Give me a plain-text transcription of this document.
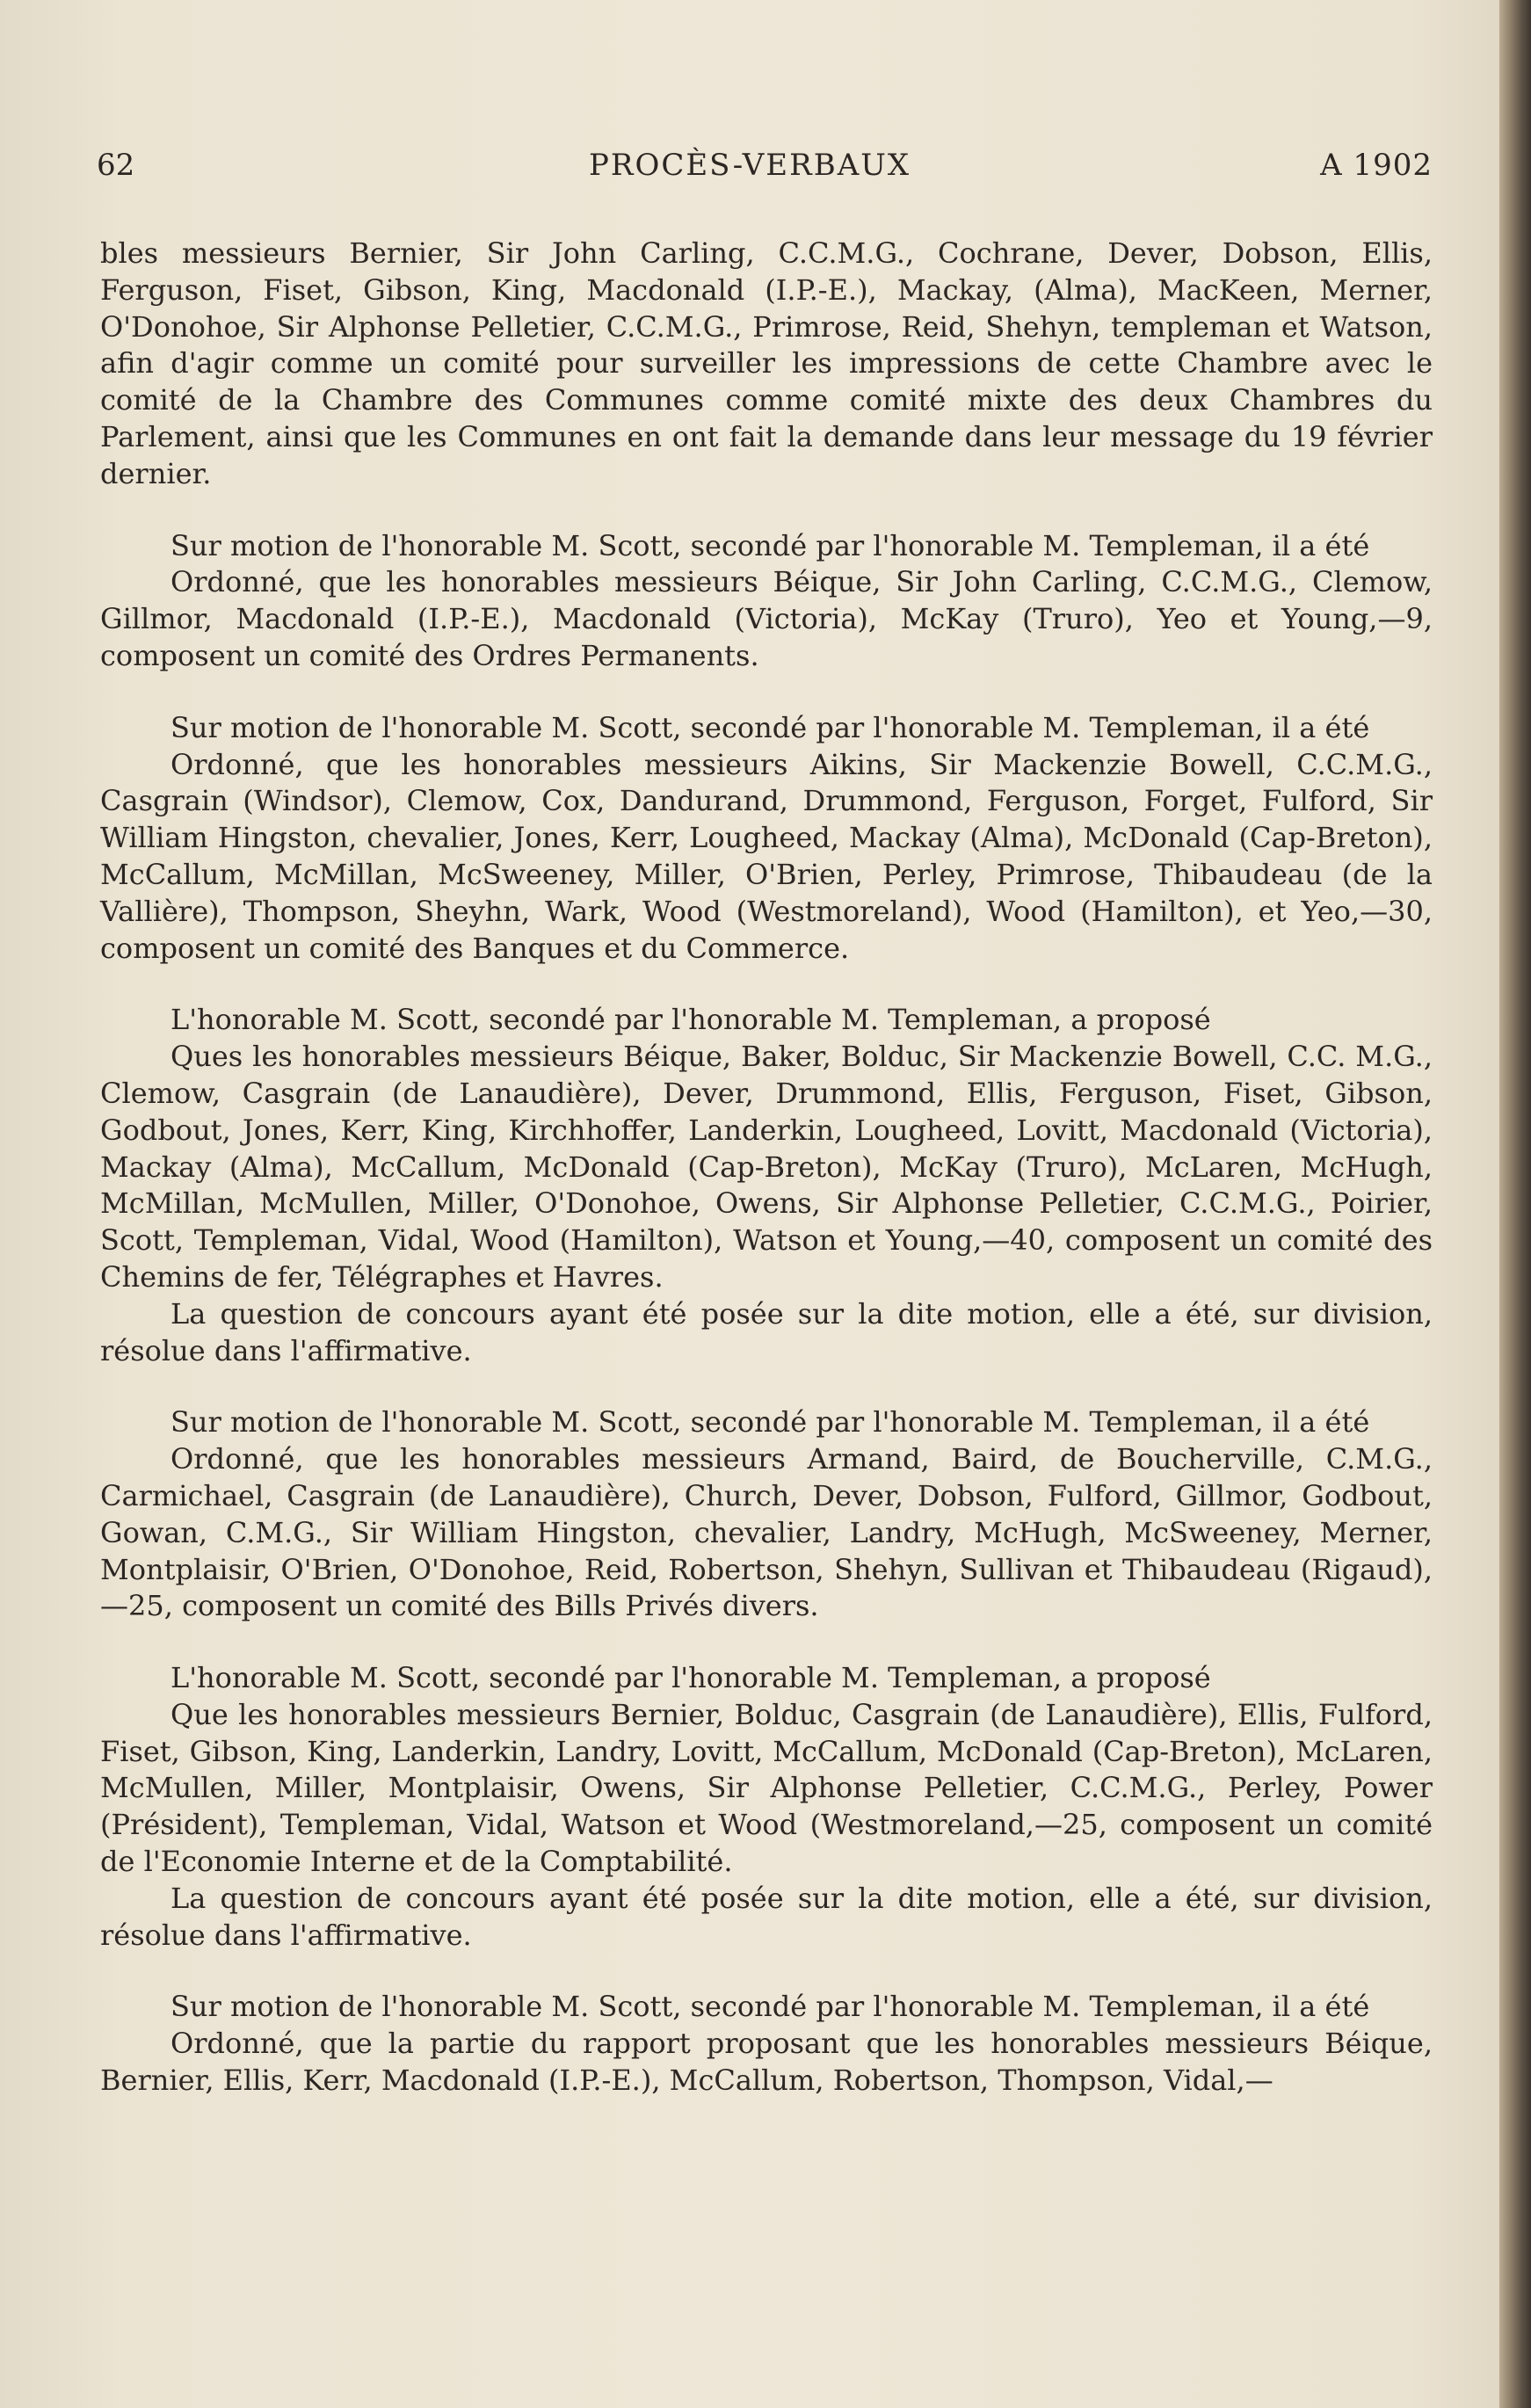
62	PROCÈS-VERBAUX	A 1902

bles messieurs Bernier, Sir John Carling, C.C.M.G., Cochrane, Dever, Dobson, Ellis, Ferguson, Fiset, Gibson, King, Macdonald (I.P.-E.), Mackay, (Alma), MacKeen, Merner, O'Donohoe, Sir Alphonse Pelletier, C.C.M.G., Primrose, Reid, Shehyn, templeman et Watson, afin d'agir comme un comité pour surveiller les impressions de cette Chambre avec le comité de la Chambre des Communes comme comité mixte des deux Chambres du Parlement, ainsi que les Communes en ont fait la demande dans leur message du 19 février dernier.

Sur motion de l'honorable M. Scott, secondé par l'honorable M. Templeman, il a été

Ordonné, que les honorables messieurs Béique, Sir John Carling, C.C.M.G., Clemow, Gillmor, Macdonald (I.P.-E.), Macdonald (Victoria), McKay (Truro), Yeo et Young,—9, composent un comité des Ordres Permanents.

Sur motion de l'honorable M. Scott, secondé par l'honorable M. Templeman, il a été

Ordonné, que les honorables messieurs Aikins, Sir Mackenzie Bowell, C.C.M.G., Casgrain (Windsor), Clemow, Cox, Dandurand, Drummond, Ferguson, Forget, Fulford, Sir William Hingston, chevalier, Jones, Kerr, Lougheed, Mackay (Alma), McDonald (Cap-Breton), McCallum, McMillan, McSweeney, Miller, O'Brien, Perley, Primrose, Thibaudeau (de la Vallière), Thompson, Sheyhn, Wark, Wood (Westmoreland), Wood (Hamilton), et Yeo,—30, composent un comité des Banques et du Commerce.

L'honorable M. Scott, secondé par l'honorable M. Templeman, a proposé

Ques les honorables messieurs Béique, Baker, Bolduc, Sir Mackenzie Bowell, C.C. M.G., Clemow, Casgrain (de Lanaudière), Dever, Drummond, Ellis, Ferguson, Fiset, Gibson, Godbout, Jones, Kerr, King, Kirchhoffer, Landerkin, Lougheed, Lovitt, Macdonald (Victoria), Mackay (Alma), McCallum, McDonald (Cap-Breton), McKay (Truro), McLaren, McHugh, McMillan, McMullen, Miller, O'Donohoe, Owens, Sir Alphonse Pelletier, C.C.M.G., Poirier, Scott, Templeman, Vidal, Wood (Hamilton), Watson et Young,—40, composent un comité des Chemins de fer, Télégraphes et Havres.

La question de concours ayant été posée sur la dite motion, elle a été, sur division, résolue dans l'affirmative.

Sur motion de l'honorable M. Scott, secondé par l'honorable M. Templeman, il a été

Ordonné, que les honorables messieurs Armand, Baird, de Boucherville, C.M.G., Carmichael, Casgrain (de Lanaudière), Church, Dever, Dobson, Fulford, Gillmor, Godbout, Gowan, C.M.G., Sir William Hingston, chevalier, Landry, McHugh, McSweeney, Merner, Montplaisir, O'Brien, O'Donohoe, Reid, Robertson, Shehyn, Sullivan et Thibaudeau (Rigaud),—25, composent un comité des Bills Privés divers.

L'honorable M. Scott, secondé par l'honorable M. Templeman, a proposé

Que les honorables messieurs Bernier, Bolduc, Casgrain (de Lanaudière), Ellis, Fulford, Fiset, Gibson, King, Landerkin, Landry, Lovitt, McCallum, McDonald (Cap-Breton), McLaren, McMullen, Miller, Montplaisir, Owens, Sir Alphonse Pelletier, C.C.M.G., Perley, Power (Président), Templeman, Vidal, Watson et Wood (Westmoreland,—25, composent un comité de l'Economie Interne et de la Comptabilité.

La question de concours ayant été posée sur la dite motion, elle a été, sur division, résolue dans l'affirmative.

Sur motion de l'honorable M. Scott, secondé par l'honorable M. Templeman, il a été

Ordonné, que la partie du rapport proposant que les honorables messieurs Béique, Bernier, Ellis, Kerr, Macdonald (I.P.-E.), McCallum, Robertson, Thompson, Vidal,—
